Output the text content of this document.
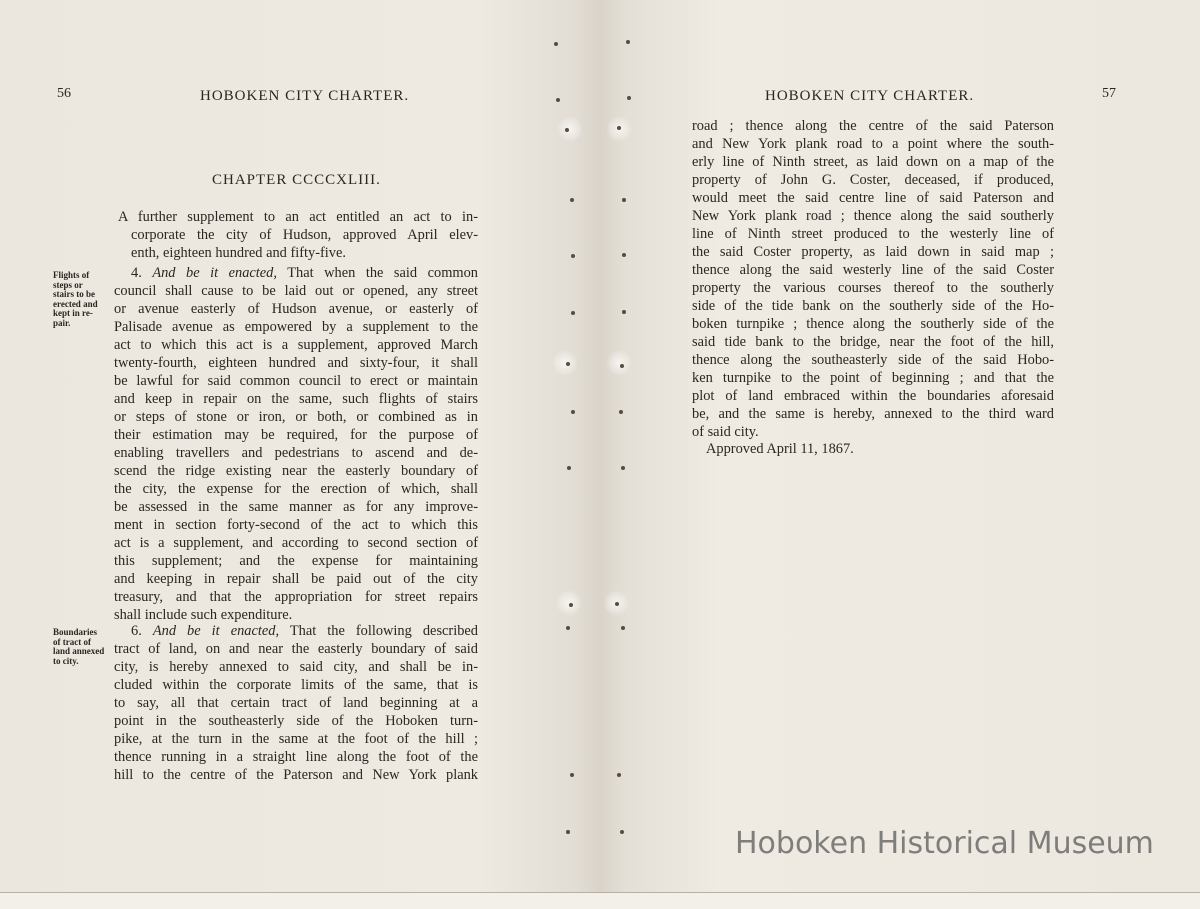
56	HOBOKEN CITY CHARTER.
CHAPTER CCCCXLIII.
A further supplement to an act entitled an act to in-
corporate the city of Hudson, approved April elev-
enth, eighteen hundred and fifty-five.
Flights of
steps or
stairs to be
erected and
kept in re-
pair.
4. And be it enacted, That when the said common
council shall cause to be laid out or opened, any street
or avenue easterly of Hudson avenue, or easterly of
Palisade avenue as empowered by a supplement to the
act to which this act is a supplement, approved March
twenty-fourth, eighteen hundred and sixty-four, it shall
be lawful for said common council to erect or maintain
and keep in repair on the same, such flights of stairs
or steps of stone or iron, or both, or combined as in
their estimation may be required, for the purpose of
enabling travellers and pedestrians to ascend and de-
scend the ridge existing near the easterly boundary of
the city, the expense for the erection of which, shall
be assessed in the same manner as for any improve-
ment in section forty-second of the act to which this
act is a supplement, and according to second section of
this supplement; and the expense for maintaining
and keeping in repair shall be paid out of the city
treasury, and that the appropriation for street repairs
shall include such expenditure.
Boundaries
of tract of
land annexed
to city.
6. And be it enacted, That the following described
tract of land, on and near the easterly boundary of said
city, is hereby annexed to said city, and shall be in-
cluded within the corporate limits of the same, that is
to say, all that certain tract of land beginning at a
point in the southeasterly side of the Hoboken turn-
pike, at the turn in the same at the foot of the hill ;
thence running in a straight line along the foot of the
hill to the centre of the Paterson and New York plank
HOBOKEN CITY CHARTER.	57
road ; thence along the centre of the said Paterson
and New York plank road to a point where the south-
erly line of Ninth street, as laid down on a map of the
property of John G. Coster, deceased, if produced,
would meet the said centre line of said Paterson and
New York plank road ; thence along the said southerly
line of Ninth street produced to the westerly line of
the said Coster property, as laid down in said map ;
thence along the said westerly line of the said Coster
property the various courses thereof to the southerly
side of the tide bank on the southerly side of the Ho-
boken turnpike ; thence along the southerly side of the
said tide bank to the bridge, near the foot of the hill,
thence along the southeasterly side of the said Hobo-
ken turnpike to the point of beginning ; and that the
plot of land embraced within the boundaries aforesaid
be, and the same is hereby, annexed to the third ward
of said city.
Approved April 11, 1867.
Hoboken Historical Museum
